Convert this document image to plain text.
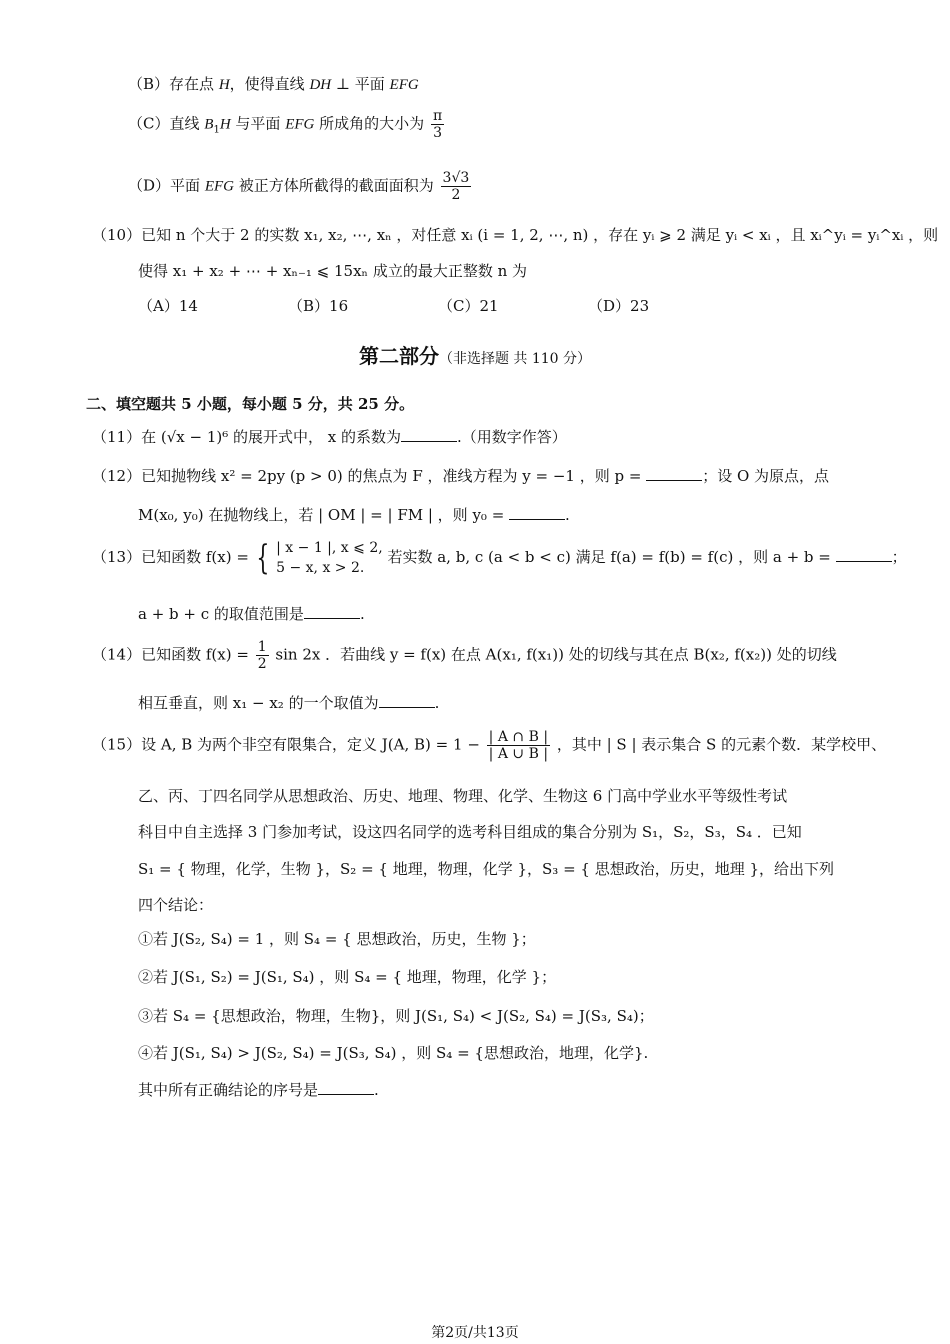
（B）存在点 H，使得直线 DH ⊥ 平面 EFG
（C）直线 $B_1H$ 与平面 EFG 所成角的大小为 $\frac{\pi}{3}$
（D）平面 EFG 被正方体所截得的截面面积为 $\frac{3√3}{2}$
（10）已知 n 个大于 2 的实数 x₁, x₂, ⋯, xₙ ，对任意 xᵢ (i = 1, 2, ⋯, n) ，存在 yᵢ ⩾ 2 满足 yᵢ < xᵢ ，且 xᵢ^yᵢ = yᵢ^xᵢ ，则
使得 x₁ + x₂ + ⋯ + xₙ₋₁ ⩽ 15xₙ 成立的最大正整数 n 为
（A）14	（B）16	（C）21	（D）23
第二部分（非选择题 共 110 分）
二、填空题共 5 小题，每小题 5 分，共 25 分。
（11）在 (√x − 1)⁶ 的展开式中， x 的系数为	.（用数字作答）
（12）已知抛物线 x² = 2py (p > 0) 的焦点为 F ，准线方程为 y = −1 ，则 p =	；设 O 为原点，点
M(x₀, y₀) 在抛物线上，若 | OM | = | FM | ，则 y₀ =	.
（13）已知函数 f(x) = { | x − 1 |, x ⩽ 2,
5 − x, x > 2.
若实数 a, b, c (a < b < c) 满足 f(a) = f(b) = f(c) ，则 a + b =	；
a + b + c 的取值范围是	.
（14）已知函数 $f(x) = \frac{1}{2}$ sin 2x ．若曲线 y = f(x) 在点 A(x₁, f(x₁)) 处的切线与其在点 B(x₂, f(x₂)) 处的切线
相互垂直，则 x₁ − x₂ 的一个取值为	.
（15）设 A, B 为两个非空有限集合，定义 J(A, $B) = 1 - \frac{| A \cap B |}{| A \cup B |}$ ，其中 | S | 表示集合 S 的元素个数．某学校甲、
乙、丙、丁四名同学从思想政治、历史、地理、物理、化学、生物这 6 门高中学业水平等级性考试
科目中自主选择 3 门参加考试，设这四名同学的选考科目组成的集合分别为 S₁，S₂，S₃，S₄ ．已知
S₁ = { 物理，化学，生物 }，S₂ = { 地理，物理，化学 }，S₃ = { 思想政治，历史，地理 }，给出下列
四个结论：
①若 J(S₂, S₄) = 1 ，则 S₄ = { 思想政治，历史，生物 }；
②若 J(S₁, S₂) = J(S₁, S₄) ，则 S₄ = { 地理，物理，化学 }；
③若 S₄ = {思想政治，物理，生物}，则 J(S₁, S₄) < J(S₂, S₄) = J(S₃, S₄)；
④若 J(S₁, S₄) > J(S₂, S₄) = J(S₃, S₄) ，则 S₄ = {思想政治，地理，化学}.
其中所有正确结论的序号是	.
第2页/共13页
